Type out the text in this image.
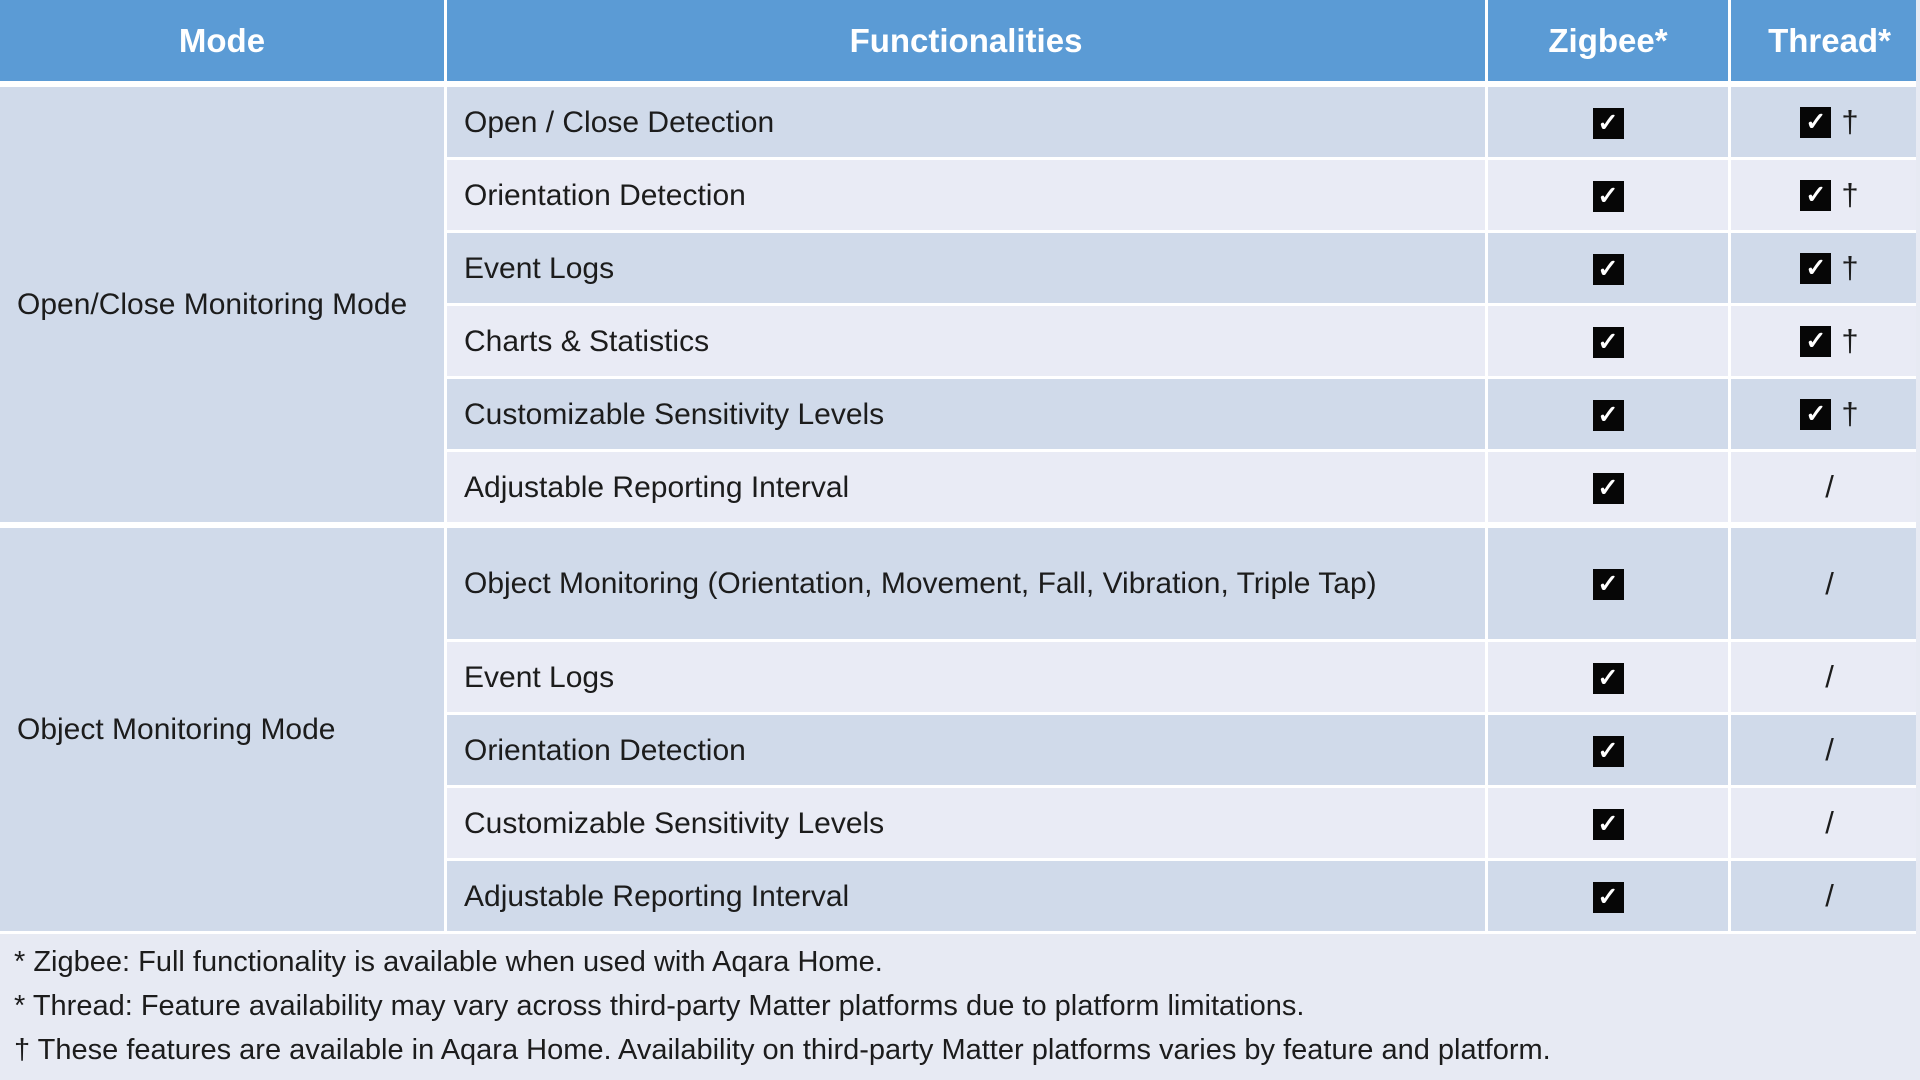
Mode	Functionalities	Zigbee*	Thread*
Open/Close Monitoring Mode	Open / Close Detection	✓	✓ †
	Orientation Detection	✓	✓ †
	Event Logs	✓	✓ †
	Charts & Statistics	✓	✓ †
	Customizable Sensitivity Levels	✓	✓ †
	Adjustable Reporting Interval	✓	/
Object Monitoring Mode	Object Monitoring (Orientation, Movement, Fall, Vibration, Triple Tap)	✓	/
	Event Logs	✓	/
	Orientation Detection	✓	/
	Customizable Sensitivity Levels	✓	/
	Adjustable Reporting Interval	✓	/

* Zigbee: Full functionality is available when used with Aqara Home.

* Thread: Feature availability may vary across third-party Matter platforms due to platform limitations.

† These features are available in Aqara Home. Availability on third-party Matter platforms varies by feature and platform.
